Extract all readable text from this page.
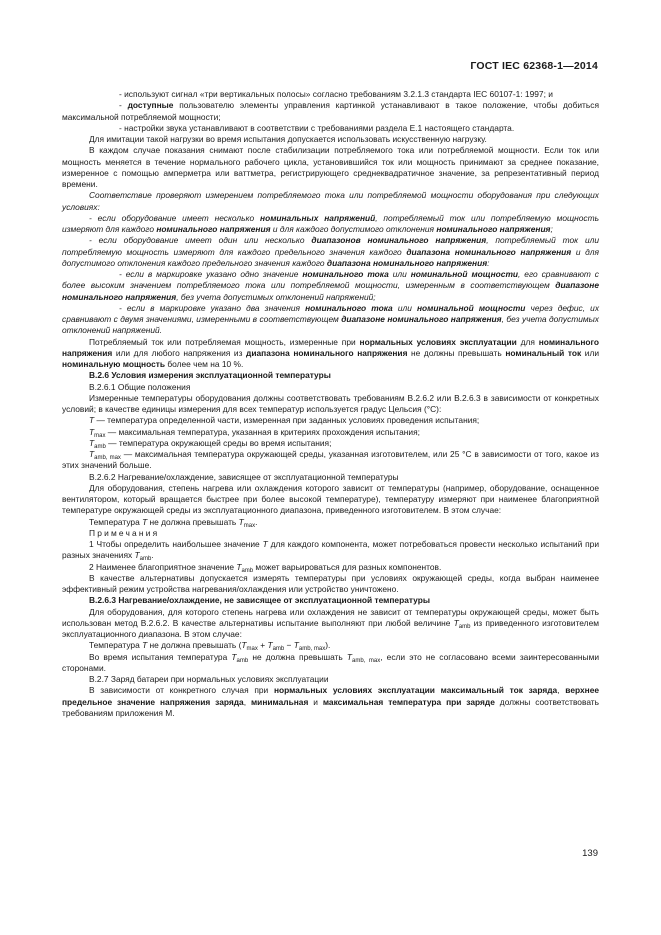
ГОСТ IEC 62368-1—2014

- используют сигнал «три вертикальных полосы» согласно требованиям 3.2.1.3 стандарта IEC 60107-1: 1997; и

- доступные пользователю элементы управления картинкой устанавливают в такое положение, чтобы добиться максимальной потребляемой мощности;

- настройки звука устанавливают в соответствии с требованиями раздела E.1 настоящего стандарта.

Для имитации такой нагрузки во время испытания допускается использовать искусственную нагрузку.

В каждом случае показания снимают после стабилизации потребляемого тока или потребляемой мощности. Если ток или мощность меняется в течение нормального рабочего цикла, установившийся ток или мощность принимают за среднее показание, измеренное с помощью амперметра или ваттметра, регистрирующего среднеквадратичное значение, за репрезентативный период времени.

Соответствие проверяют измерением потребляемого тока или потребляемой мощности оборудования при следующих условиях:

- если оборудование имеет несколько номинальных напряжений, потребляемый ток или потребляемую мощность измеряют для каждого номинального напряжения и для каждого допустимого отклонения номинального напряжения;

- если оборудование имеет один или несколько диапазонов номинального напряжения, потребляемый ток или потребляемую мощность измеряют для каждого предельного значения каждого диапазона номинального напряжения и для допустимого отклонения каждого предельного значения каждого диапазона номинального напряжения:

- если в маркировке указано одно значение номинального тока или номинальной мощности, его сравнивают с более высоким значением потребляемого тока или потребляемой мощности, измеренным в соответствующем диапазоне номинального напряжения, без учета допустимых отклонений напряжений;

- если в маркировке указано два значения номинального тока или номинальной мощности через дефис, их сравнивают с двумя значениями, измеренными в соответствующем диапазоне номинального напряжения, без учета допустимых отклонений напряжений.

Потребляемый ток или потребляемая мощность, измеренные при нормальных условиях эксплуатации для номинального напряжения или для любого напряжения из диапазона номинального напряжения не должны превышать номинальный ток или номинальную мощность более чем на 10 %.

B.2.6 Условия измерения эксплуатационной температуры

B.2.6.1 Общие положения

Измеренные температуры оборудования должны соответствовать требованиям B.2.6.2 или B.2.6.3 в зависимости от конкретных условий; в качестве единицы измерения для всех температур используется градус Цельсия (°C):

T — температура определенной части, измеренная при заданных условиях проведения испытания;

$T_{max}$ — максимальная температура, указанная в критериях прохождения испытания;

$T_{amb}$ — температура окружающей среды во время испытания;

$T_{amb, max}$ — максимальная температура окружающей среды, указанная изготовителем, или 25 °C в зависимости от того, какое из этих значений больше.

B.2.6.2 Нагревание/охлаждение, зависящее от эксплуатационной температуры

Для оборудования, степень нагрева или охлаждения которого зависит от температуры (например, оборудование, оснащенное вентилятором, который вращается быстрее при более высокой температуре), температуру измеряют при наименее благоприятной температуре окружающей среды из эксплуатационного диапазона, приведенного изготовителем. В этом случае:

Температура T не должна превышать $T_{max}$.

Примечания

1 Чтобы определить наибольшее значение T для каждого компонента, может потребоваться провести несколько испытаний при разных значениях $T_{amb}$.

2 Наименее благоприятное значение $T_{amb}$ может варьироваться для разных компонентов.

В качестве альтернативы допускается измерять температуры при условиях окружающей среды, когда выбран наименее эффективный режим устройства нагревания/охлаждения или устройство уничтожено.

B.2.6.3 Нагревание/охлаждение, не зависящее от эксплуатационной температуры

Для оборудования, для которого степень нагрева или охлаждения не зависит от температуры окружающей среды, может быть использован метод B.2.6.2. В качестве альтернативы испытание выполняют при любой величине $T_{amb}$ из приведенного изготовителем эксплуатационного диапазона. В этом случае:

Температура T не должна превышать $(T_{max} + T_{amb} - T_{amb, max})$.

Во время испытания температура $T_{amb}$ не должна превышать $T_{amb, max}$, если это не согласовано всеми заинтересованными сторонами.

B.2.7 Заряд батареи при нормальных условиях эксплуатации

В зависимости от конкретного случая при нормальных условиях эксплуатации максимальный ток заряда, верхнее предельное значение напряжения заряда, минимальная и максимальная температура при заряде должны соответствовать требованиям приложения M.

139
